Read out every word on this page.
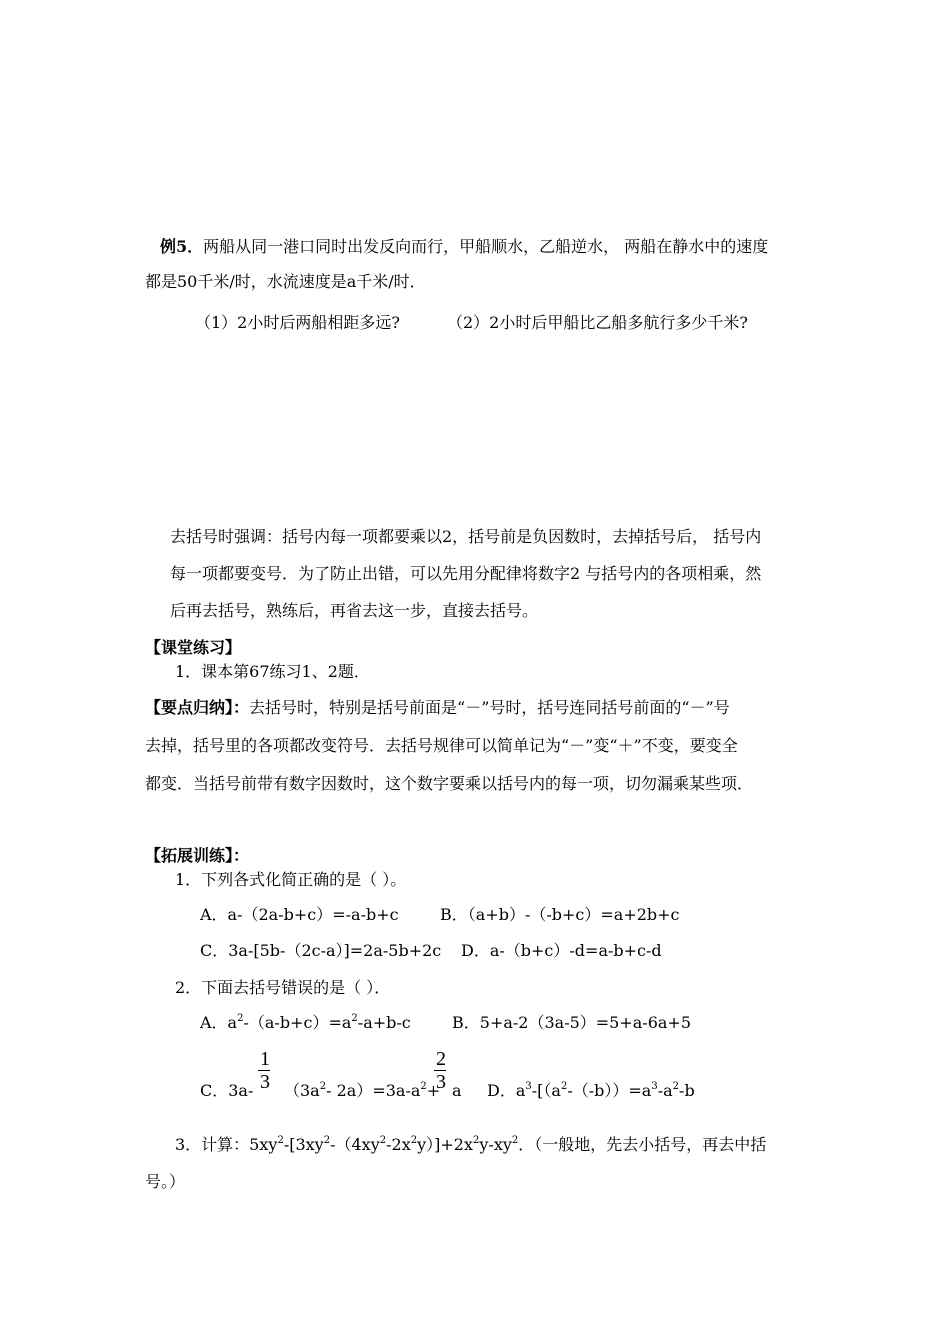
例5．两船从同一港口同时出发反向而行，甲船顺水，乙船逆水， 两船在静水中的速度
都是50千米/时，水流速度是a千米/时．
（1）2小时后两船相距多远?	（2）2小时后甲船比乙船多航行多少千米?
去括号时强调：括号内每一项都要乘以2，括号前是负因数时，去掉括号后， 括号内
每一项都要变号．为了防止出错，可以先用分配律将数字2 与括号内的各项相乘，然
后再去括号，熟练后，再省去这一步，直接去括号。
【课堂练习】
1．课本第67练习1、2题．
【要点归纳】：去括号时，特别是括号前面是“－”号时，括号连同括号前面的“－”号
去掉，括号里的各项都改变符号．去括号规律可以简单记为“－”变“＋”不变，要变全
都变．当括号前带有数字因数时，这个数字要乘以括号内的每一项，切勿漏乘某些项．
【拓展训练】：
1．下列各式化简正确的是（ ）。
A．a-（2a-b+c）=-a-b+c	B．（a+b）-（-b+c）=a+2b+c
C．3a-[5b-（2c-a）]=2a-5b+2c D．a-（b+c）-d=a-b+c-d
2．下面去括号错误的是（ ）．
A．$a^2-(a-b+c)=a^2-a+b-c$	B．5+a-2（3a-5）=5+a-6a+5
C．3a-
1
3 （$3a^2-$ $2a)=3a-a^2+$
2
3 a D．$a^3-[(a^2-(-b))=a^3-a^2-b$
3．计算：$5xy^2-[3xy^2-(4xy^2-2x^2y)]+2x^2y-xy^2$．（一般地，先去小括号，再去中括
号。）
